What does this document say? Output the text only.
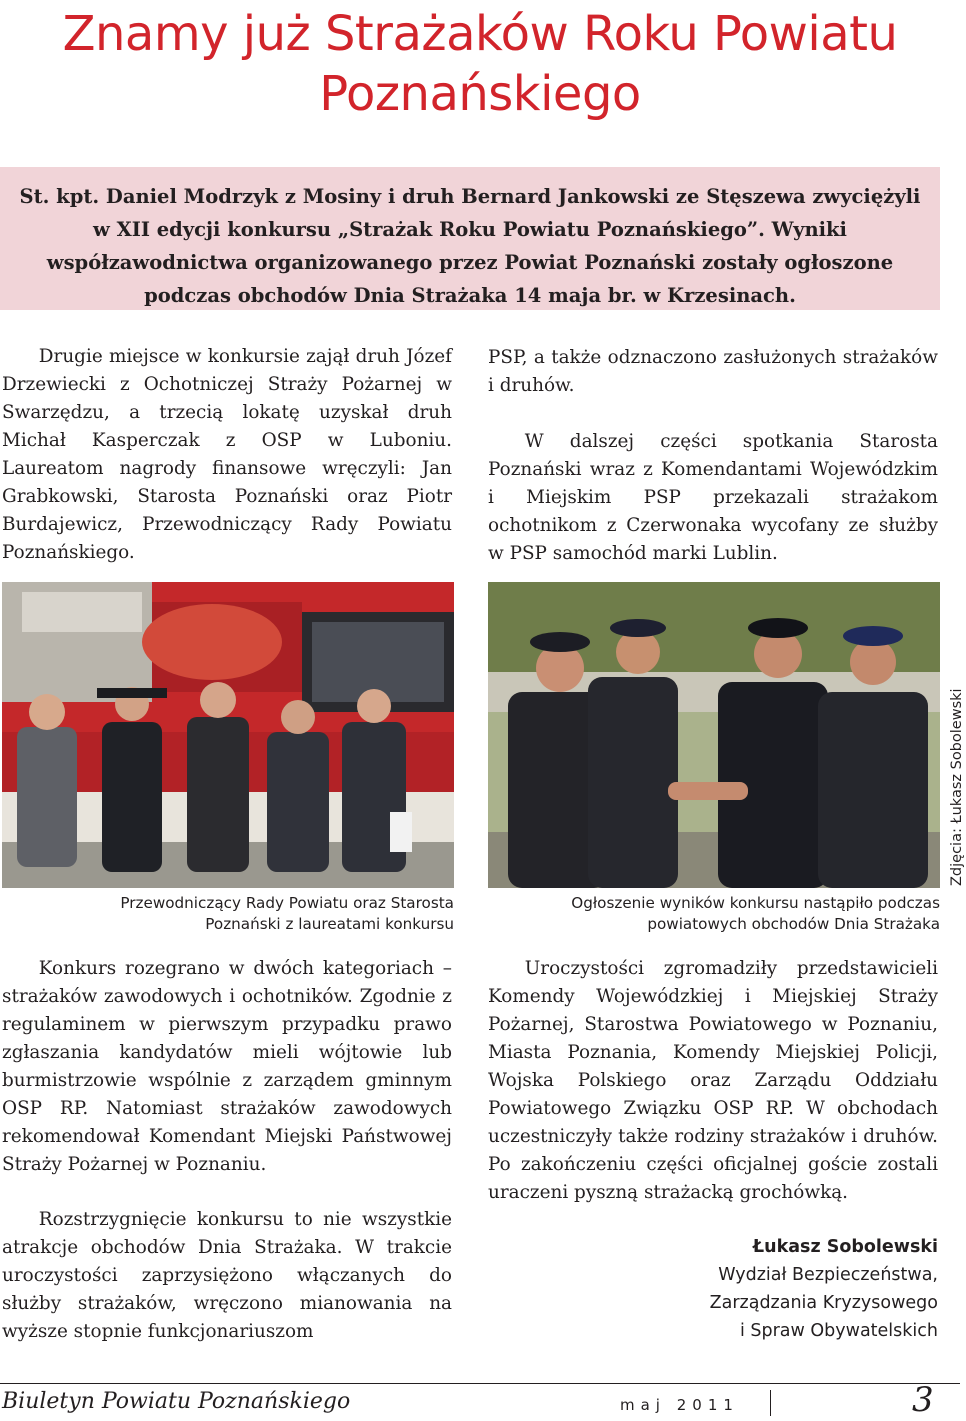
Znamy już Strażaków Roku Powiatu
Poznańskiego
St. kpt. Daniel Modrzyk z Mosiny i druh Bernard Jankowski ze Stęszewa zwyciężyli w XII edycji konkursu „Strażak Roku Powiatu Poznańskiego”. Wyniki współzawodnictwa organizowanego przez Powiat Poznański zostały ogłoszone podczas obchodów Dnia Strażaka 14 maja br. w Krzesinach.

Drugie miejsce w konkursie zajął druh Józef Drzewiecki z Ochotniczej Straży Pożarnej w Swarzędzu, a trzecią lokatę uzyskał druh Michał Kasperczak z OSP w Luboniu. Laureatom nagrody finansowe wręczyli: Jan Grabkowski, Starosta Poznański oraz Piotr Burdajewicz, Przewodniczący Rady Powiatu Poznańskiego.

PSP, a także odznaczono zasłużonych strażaków i druhów.

W dalszej części spotkania Starosta Poznański wraz z Komendantami Wojewódzkim i Miejskim PSP przekazali strażakom ochotnikom z Czerwonaka wycofany ze służby w PSP samochód marki Lublin.

Przewodniczący Rady Powiatu oraz Starosta
Poznański z laureatami konkursu
Ogłoszenie wyników konkursu nastąpiło podczas
powiatowych obchodów Dnia Strażaka
Zdjęcia: Łukasz Sobolewski

Konkurs rozegrano w dwóch kategoriach – strażaków zawodowych i ochotników. Zgodnie z regulaminem w pierwszym przypadku prawo zgłaszania kandydatów mieli wójtowie lub burmistrzowie wspólnie z zarządem gminnym OSP RP. Natomiast strażaków zawodowych rekomendował Komendant Miejski Państwowej Straży Pożarnej w Poznaniu.

Rozstrzygnięcie konkursu to nie wszystkie atrakcje obchodów Dnia Strażaka. W trakcie uroczystości zaprzysiężono włączanych do służby strażaków, wręczono mianowania na wyższe stopnie funkcjonariuszom

Uroczystości zgromadziły przedstawicieli Komendy Wojewódzkiej i Miejskiej Straży Pożarnej, Starostwa Powiatowego w Poznaniu, Miasta Poznania, Komendy Miejskiej Policji, Wojska Polskiego oraz Zarządu Oddziału Powiatowego Związku OSP RP. W obchodach uczestniczyły także rodziny strażaków i druhów. Po zakończeniu części oficjalnej goście zostali uraczeni pyszną strażacką grochówką.

Łukasz Sobolewski
Wydział Bezpieczeństwa,
Zarządzania Kryzysowego
i Spraw Obywatelskich
Biuletyn Powiatu Poznańskiego	maj 2011	3
